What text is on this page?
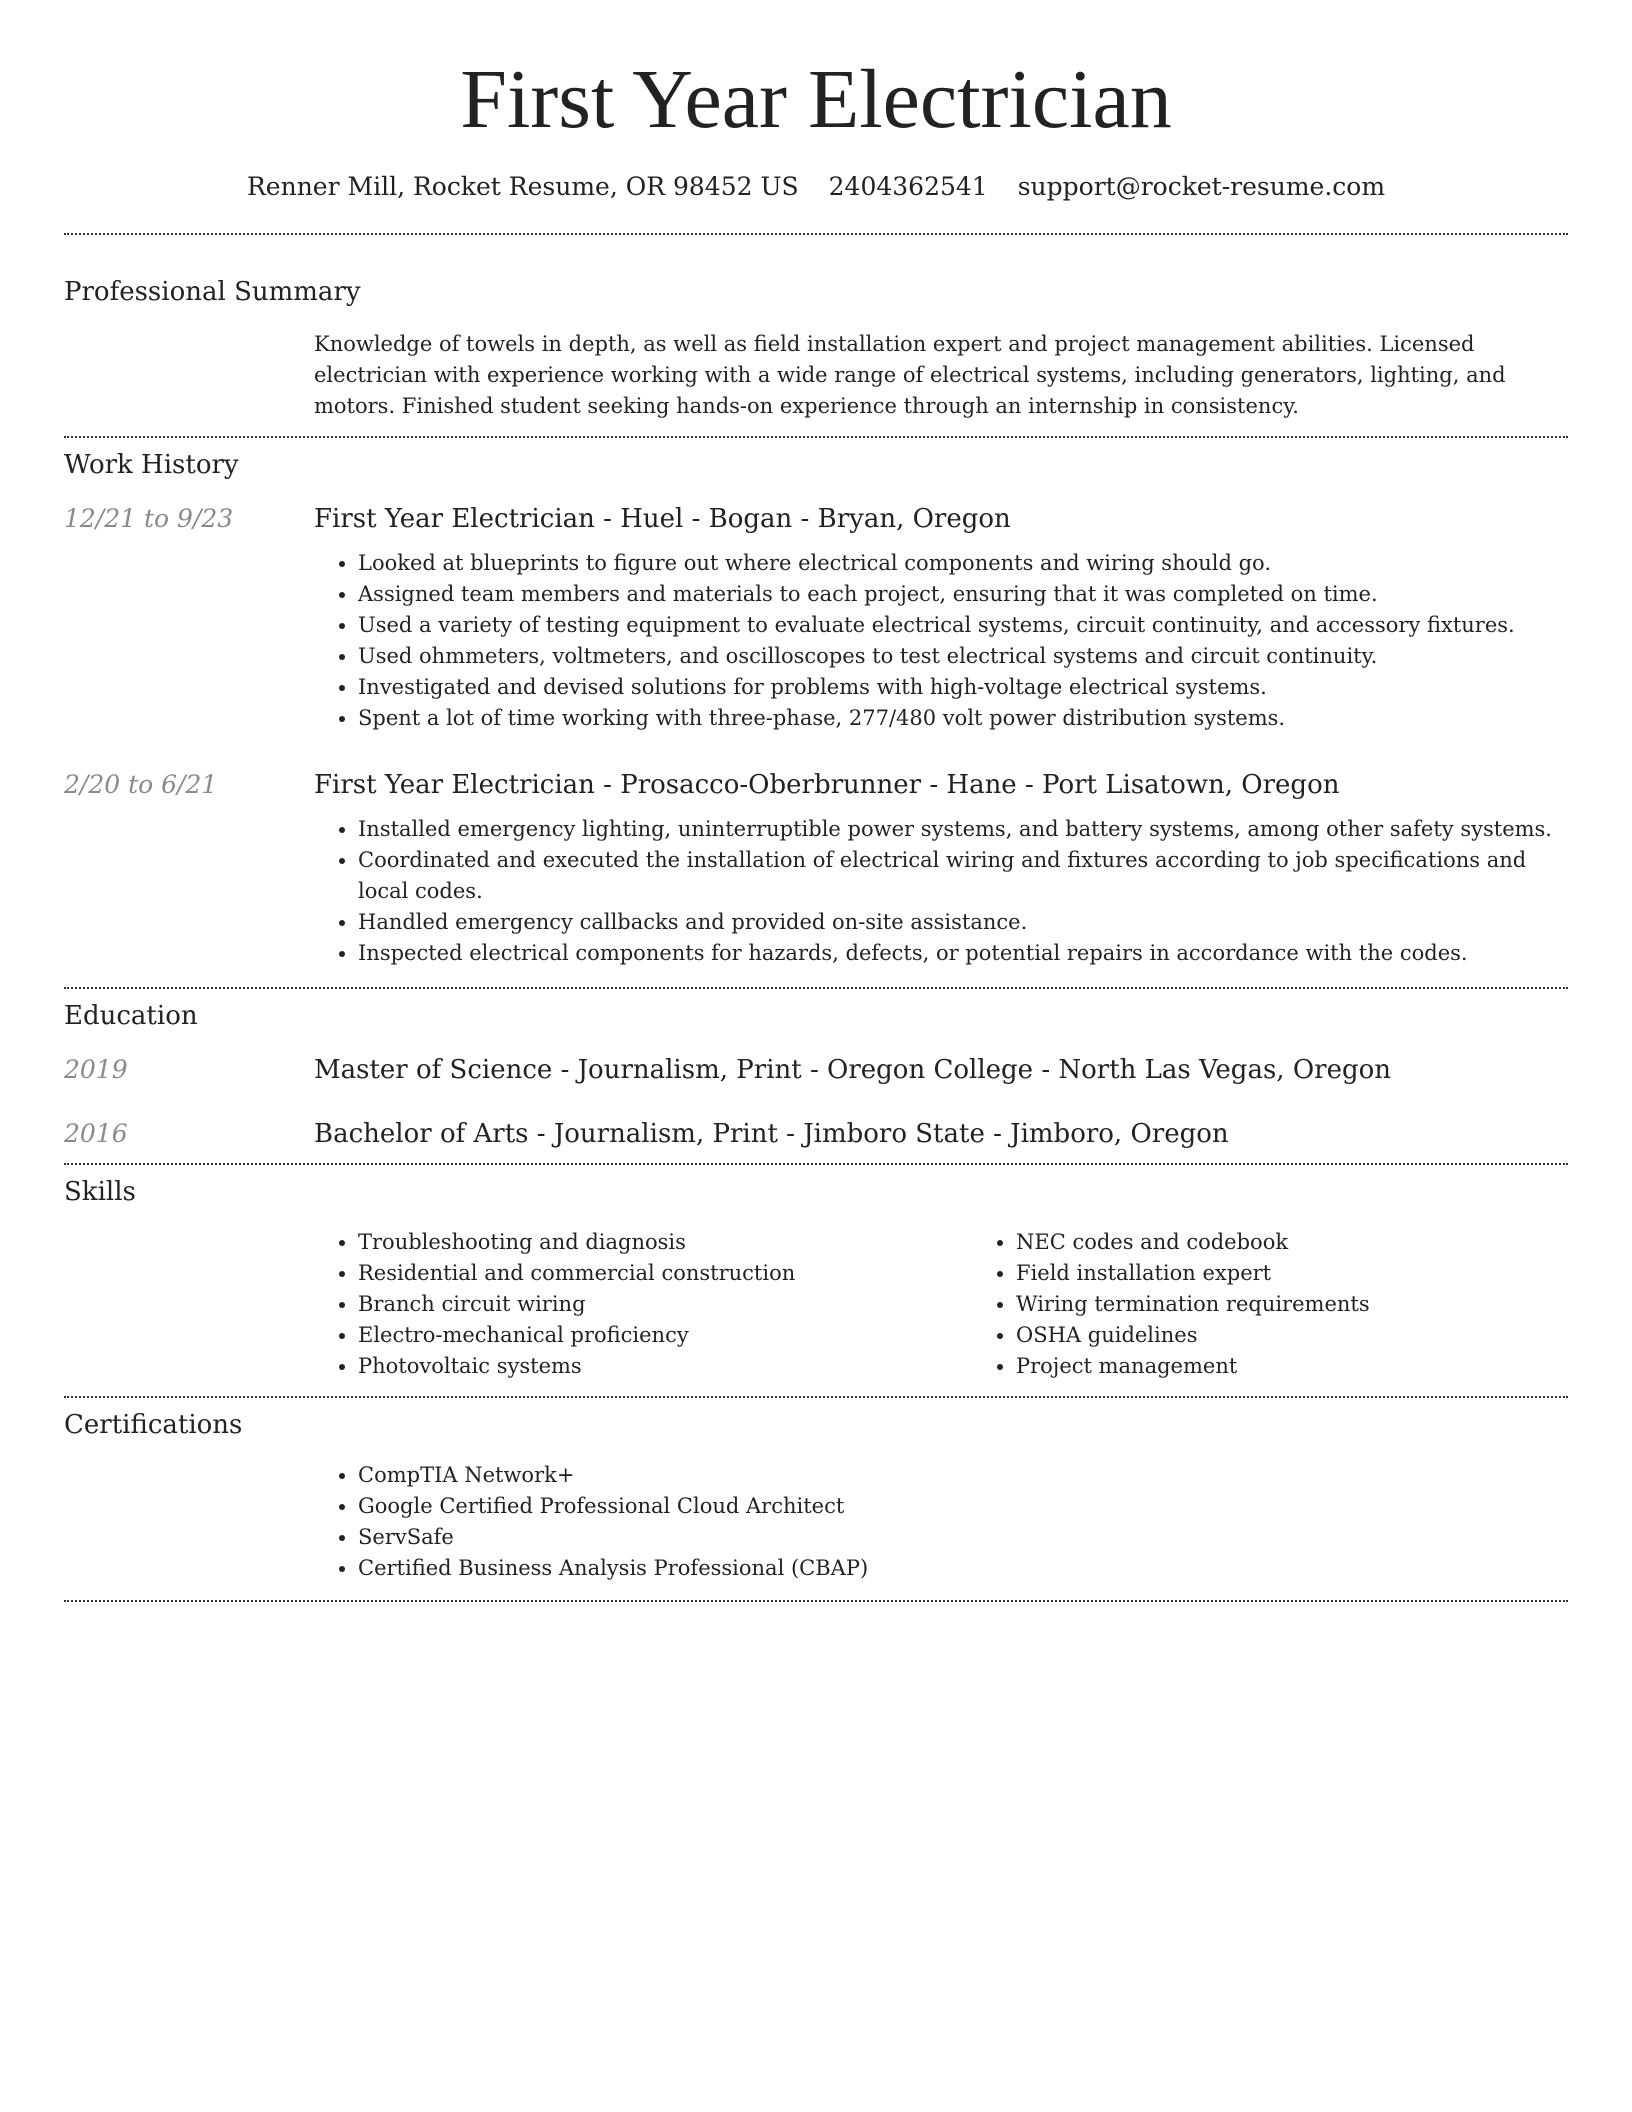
First Year Electrician
Renner Mill, Rocket Resume, OR 98452 US 2404362541 support@rocket-resume.com
Professional Summary

Knowledge of towels in depth, as well as field installation expert and project management abilities. Licensed electrician with experience working with a wide range of electrical systems, including generators, lighting, and motors. Finished student seeking hands-on experience through an internship in consistency.

Work History
12/21 to 9/23	First Year Electrician - Huel - Bogan - Bryan, Oregon
• Looked at blueprints to figure out where electrical components and wiring should go.
• Assigned team members and materials to each project, ensuring that it was completed on time.
• Used a variety of testing equipment to evaluate electrical systems, circuit continuity, and accessory fixtures.
• Used ohmmeters, voltmeters, and oscilloscopes to test electrical systems and circuit continuity.
• Investigated and devised solutions for problems with high-voltage electrical systems.
• Spent a lot of time working with three-phase, 277/480 volt power distribution systems.
2/20 to 6/21	First Year Electrician - Prosacco-Oberbrunner - Hane - Port Lisatown, Oregon
• Installed emergency lighting, uninterruptible power systems, and battery systems, among other safety systems.
• Coordinated and executed the installation of electrical wiring and fixtures according to job specifications and local codes.
• Handled emergency callbacks and provided on-site assistance.
• Inspected electrical components for hazards, defects, or potential repairs in accordance with the codes.
Education
2019	Master of Science - Journalism, Print - Oregon College - North Las Vegas, Oregon
2016	Bachelor of Arts - Journalism, Print - Jimboro State - Jimboro, Oregon
Skills
• Troubleshooting and diagnosis
• Residential and commercial construction
• Branch circuit wiring
• Electro-mechanical proficiency
• Photovoltaic systems
• NEC codes and codebook
• Field installation expert
• Wiring termination requirements
• OSHA guidelines
• Project management
Certifications
• CompTIA Network+
• Google Certified Professional Cloud Architect
• ServSafe
• Certified Business Analysis Professional (CBAP)
